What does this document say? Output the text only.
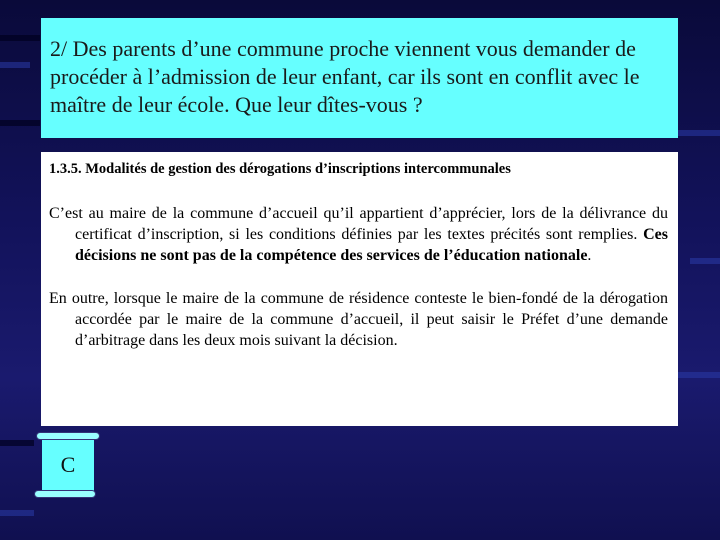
2/ Des parents d’une commune proche viennent vous demander de procéder à l’admission de leur enfant, car ils sont en conflit avec le maître de leur école. Que leur dîtes-vous ?
1.3.5. Modalités de gestion des dérogations d’inscriptions intercommunales
C’est au maire de la commune d’accueil qu’il appartient d’apprécier, lors de la délivrance du certificat d’inscription, si les conditions définies par les textes précités sont remplies. Ces décisions ne sont pas de la compétence des services de l’éducation nationale.
En outre, lorsque le maire de la commune de résidence conteste le bien-fondé de la dérogation accordée par le maire de la commune d’accueil, il peut saisir le Préfet d’une demande d’arbitrage dans les deux mois suivant la décision.
C
